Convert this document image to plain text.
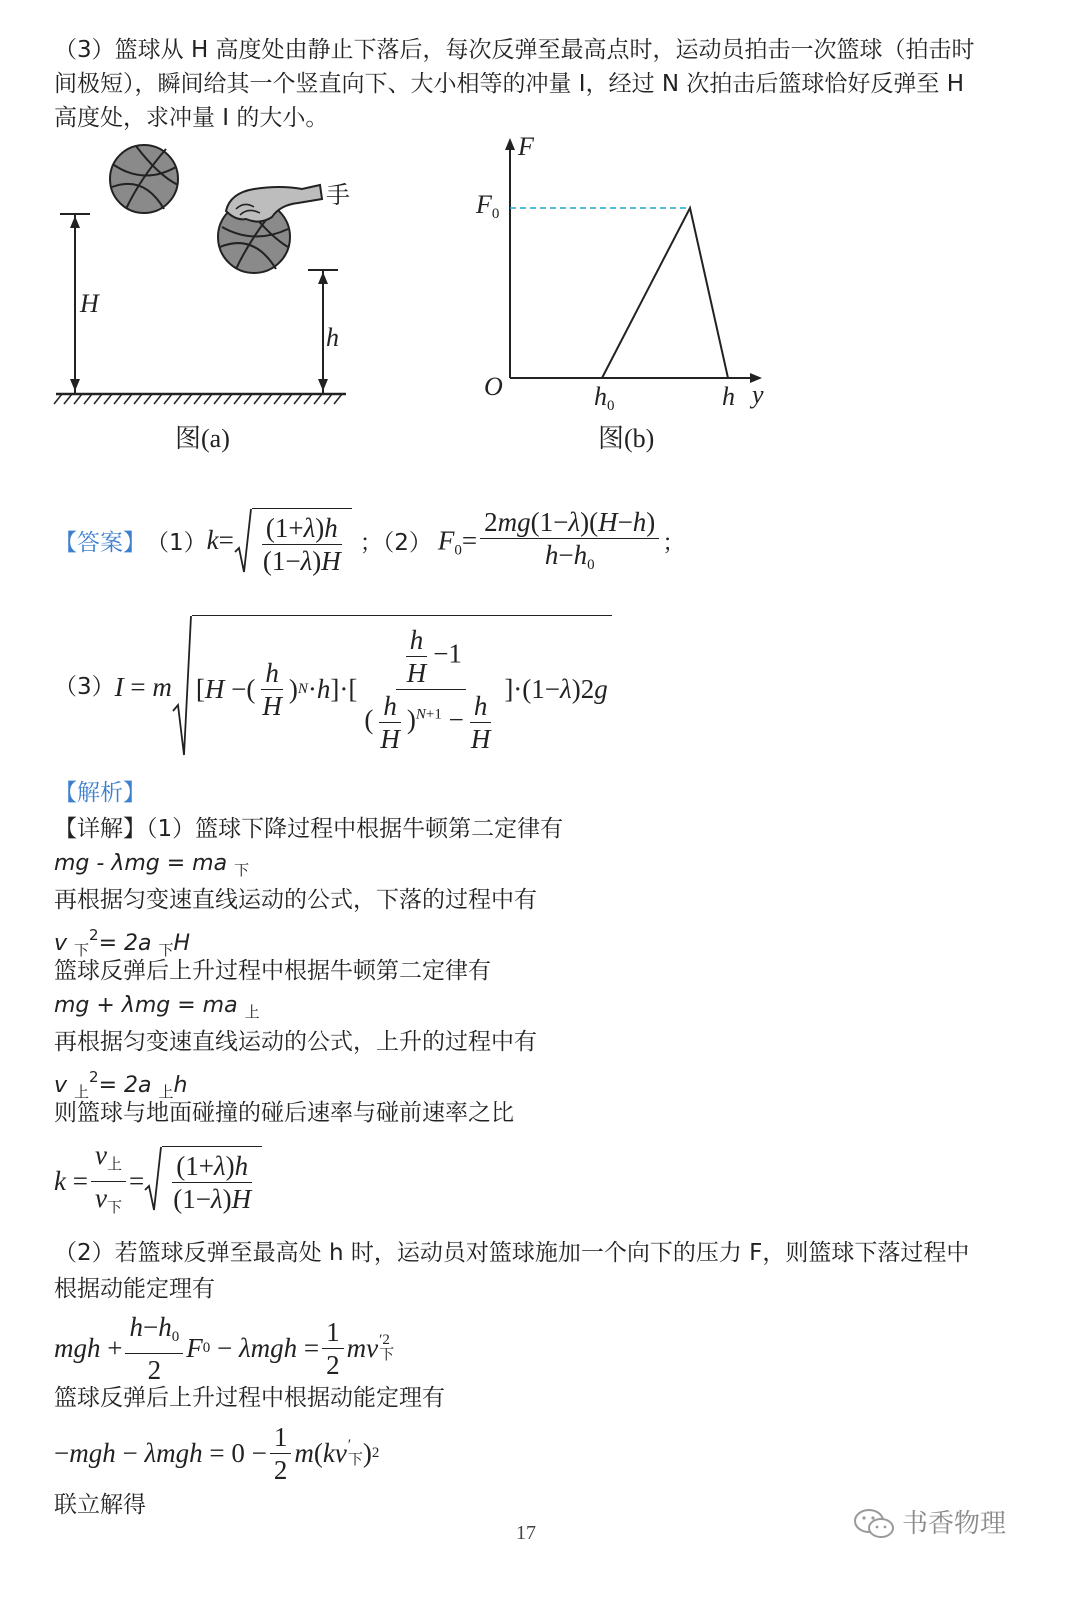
（3）篮球从 H 高度处由静止下落后，每次反弹至最高点时，运动员拍击一次篮球（拍击时
间极短），瞬间给其一个竖直向下、大小相等的冲量 I，经过 N 次拍击后篮球恰好反弹至 H
高度处，求冲量 I 的大小。
H
h
手
图(a)
F
y
O
$F_0$
$h_0$	h
图(b)
【答案】 （1） $k= \frac{(1+\lambda)h}{(1-\lambda)H}$ ；（2） $F_0= \frac{2mg(1-\lambda)(H-h)}{h-h_0}$ ；
（3） I = m [ H −( $\frac{h}{H}$ ) N · h ]·[ $\frac{\frac{h}{H} -1}{( \frac{h}{H} )^{N+1} - \frac{h}{H}} ]\cdot(1- \lambda$ )2 g
【解析】
【详解】（1）篮球下降过程中根据牛顿第二定律有
mg - λmg = ma $_下$
再根据匀变速直线运动的公式，下落的过程中有
v $_下^2$= 2a $_下$H
篮球反弹后上升过程中根据牛顿第二定律有
mg + λmg = ma $_上$
再根据匀变速直线运动的公式，上升的过程中有
v $_上^2$= 2a $_上$h
则篮球与地面碰撞的碰后速率与碰前速率之比
$k = \frac{v_上}{v_下} = \frac{(1+\lambda)h}{(1-\lambda)H}$
（2）若篮球反弹至最高处 h 时，运动员对篮球施加一个向下的压力 F，则篮球下落过程中
根据动能定理有
mgh + $\frac{h-h_0}{2}$ F $0 - \lambda mgh = \frac{1}{2}$ mv ′2
下
篮球反弹后上升过程中根据动能定理有
− mgh − $\lambda mgh = 0 - \frac{1}{2}$ m ( kv ′
下 ) 2
联立解得
17	书香物理
